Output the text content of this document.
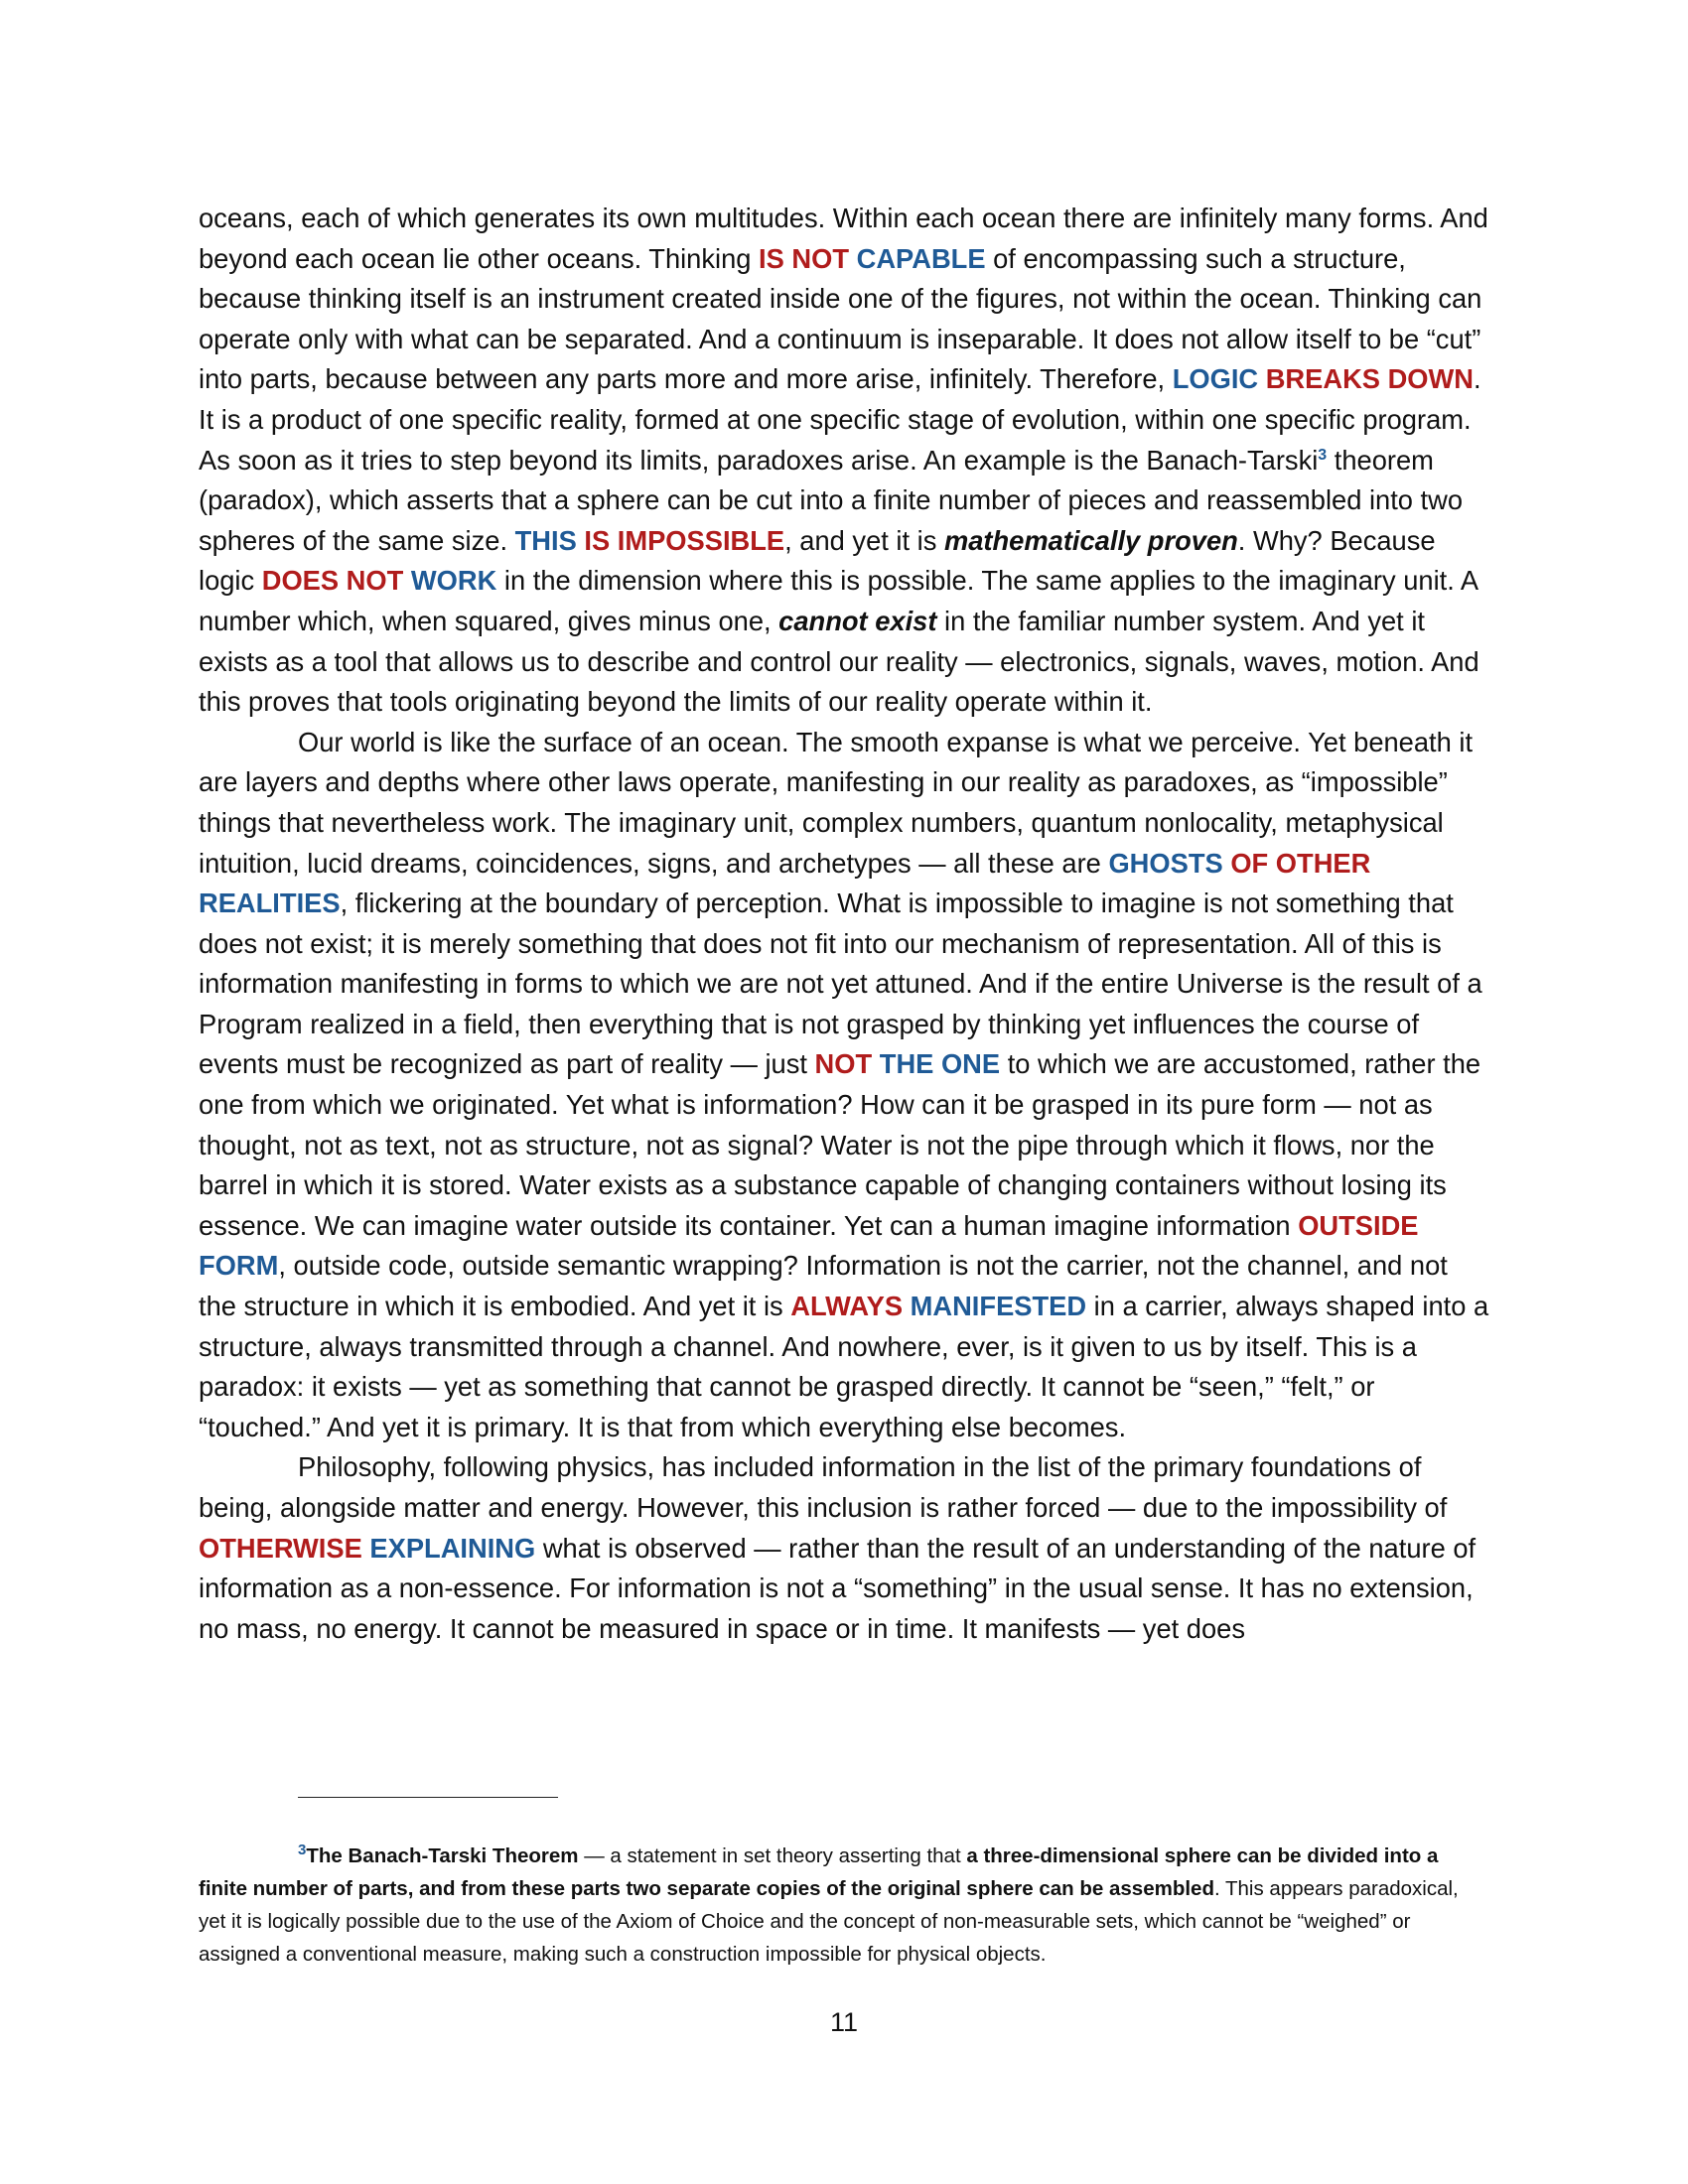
oceans, each of which generates its own multitudes. Within each ocean there are infinitely many forms. And beyond each ocean lie other oceans. Thinking IS NOT CAPABLE of encompassing such a structure, because thinking itself is an instrument created inside one of the figures, not within the ocean. Thinking can operate only with what can be separated. And a continuum is inseparable. It does not allow itself to be “cut” into parts, because between any parts more and more arise, infinitely. Therefore, LOGIC BREAKS DOWN. It is a product of one specific reality, formed at one specific stage of evolution, within one specific program. As soon as it tries to step beyond its limits, paradoxes arise. An example is the Banach-Tarski$^3$ theorem (paradox), which asserts that a sphere can be cut into a finite number of pieces and reassembled into two spheres of the same size. THIS IS IMPOSSIBLE, and yet it is mathematically proven. Why? Because logic DOES NOT WORK in the dimension where this is possible. The same applies to the imaginary unit. A number which, when squared, gives minus one, cannot exist in the familiar number system. And yet it exists as a tool that allows us to describe and control our reality — electronics, signals, waves, motion. And this proves that tools originating beyond the limits of our reality operate within it.

Our world is like the surface of an ocean. The smooth expanse is what we perceive. Yet beneath it are layers and depths where other laws operate, manifesting in our reality as paradoxes, as “impossible” things that nevertheless work. The imaginary unit, complex numbers, quantum nonlocality, metaphysical intuition, lucid dreams, coincidences, signs, and archetypes — all these are GHOSTS OF OTHER REALITIES, flickering at the boundary of perception. What is impossible to imagine is not something that does not exist; it is merely something that does not fit into our mechanism of representation. All of this is information manifesting in forms to which we are not yet attuned. And if the entire Universe is the result of a Program realized in a field, then everything that is not grasped by thinking yet influences the course of events must be recognized as part of reality — just NOT THE ONE to which we are accustomed, rather the one from which we originated. Yet what is information? How can it be grasped in its pure form — not as thought, not as text, not as structure, not as signal? Water is not the pipe through which it flows, nor the barrel in which it is stored. Water exists as a substance capable of changing containers without losing its essence. We can imagine water outside its container. Yet can a human imagine information OUTSIDE FORM, outside code, outside semantic wrapping? Information is not the carrier, not the channel, and not the structure in which it is embodied. And yet it is ALWAYS MANIFESTED in a carrier, always shaped into a structure, always transmitted through a channel. And nowhere, ever, is it given to us by itself. This is a paradox: it exists — yet as something that cannot be grasped directly. It cannot be “seen,” “felt,” or “touched.” And yet it is primary. It is that from which everything else becomes.

Philosophy, following physics, has included information in the list of the primary foundations of being, alongside matter and energy. However, this inclusion is rather forced — due to the impossibility of OTHERWISE EXPLAINING what is observed — rather than the result of an understanding of the nature of information as a non-essence. For information is not a “something” in the usual sense. It has no extension, no mass, no energy. It cannot be measured in space or in time. It manifests — yet does

$^3$The Banach-Tarski Theorem — a statement in set theory asserting that a three-dimensional sphere can be divided into a finite number of parts, and from these parts two separate copies of the original sphere can be assembled. This appears paradoxical, yet it is logically possible due to the use of the Axiom of Choice and the concept of non-measurable sets, which cannot be “weighed” or assigned a conventional measure, making such a construction impossible for physical objects.
11
